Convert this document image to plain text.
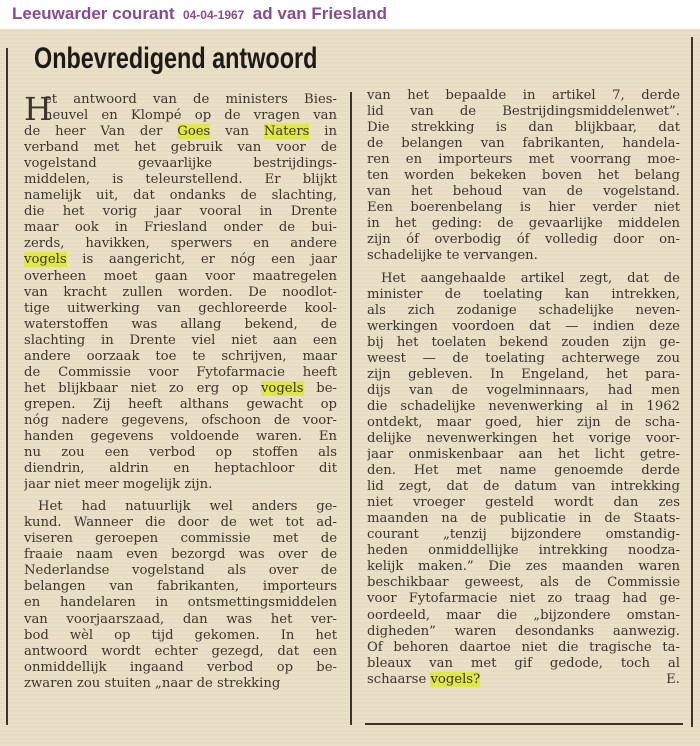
Leeuwarder courant 04-04-1967 ad van Friesland
Onbevredigend antwoord
H
et antwoord van de ministers Bies-
heuvel en Klompé op de vragen van
de heer Van der Goes van Naters in
verband met het gebruik van voor de
vogelstand gevaarlijke bestrijdings-
middelen, is teleurstellend. Er blijkt
namelijk uit, dat ondanks de slachting,
die het vorig jaar vooral in Drente
maar ook in Friesland onder de bui-
zerds, havikken, sperwers en andere
vogels is aangericht, er nóg een jaar
overheen moet gaan voor maatregelen
van kracht zullen worden. De noodlot-
tige uitwerking van gechloreerde kool-
waterstoffen was allang bekend, de
slachting in Drente viel niet aan een
andere oorzaak toe te schrijven, maar
de Commissie voor Fytofarmacie heeft
het blijkbaar niet zo erg op vogels be-
grepen. Zij heeft althans gewacht op
nóg nadere gegevens, ofschoon de voor-
handen gegevens voldoende waren. En
nu zou een verbod op stoffen als
diendrin, aldrin en heptachloor dit
jaar niet meer mogelijk zijn.
Het had natuurlijk wel anders ge-
kund. Wanneer die door de wet tot ad-
viseren geroepen commissie met de
fraaie naam even bezorgd was over de
Nederlandse vogelstand als over de
belangen van fabrikanten, importeurs
en handelaren in ontsmettingsmiddelen
van voorjaarszaad, dan was het ver-
bod wèl op tijd gekomen. In het
antwoord wordt echter gezegd, dat een
onmiddellijk ingaand verbod op be-
zwaren zou stuiten „naar de strekking
van het bepaalde in artikel 7, derde
lid van de Bestrijdingsmiddelenwet”.
Die strekking is dan blijkbaar, dat
de belangen van fabrikanten, handela-
ren en importeurs met voorrang moe-
ten worden bekeken boven het belang
van het behoud van de vogelstand.
Een boerenbelang is hier verder niet
in het geding: de gevaarlijke middelen
zijn óf overbodig óf volledig door on-
schadelijke te vervangen.
Het aangehaalde artikel zegt, dat de
minister de toelating kan intrekken,
als zich zodanige schadelijke neven-
werkingen voordoen dat — indien deze
bij het toelaten bekend zouden zijn ge-
weest — de toelating achterwege zou
zijn gebleven. In Engeland, het para-
dijs van de vogelminnaars, had men
die schadelijke nevenwerking al in 1962
ontdekt, maar goed, hier zijn de scha-
delijke nevenwerkingen het vorige voor-
jaar onmiskenbaar aan het licht getre-
den. Het met name genoemde derde
lid zegt, dat de datum van intrekking
niet vroeger gesteld wordt dan zes
maanden na de publicatie in de Staats-
courant „tenzij bijzondere omstandig-
heden onmiddellijke intrekking noodza-
kelijk maken.” Die zes maanden waren
beschikbaar geweest, als de Commissie
voor Fytofarmacie niet zo traag had ge-
oordeeld, maar die „bijzondere omstan-
digheden” waren desondanks aanwezig.
Of behoren daartoe niet die tragische ta-
bleaux van met gif gedode, toch al
schaarse vogels?	E.
